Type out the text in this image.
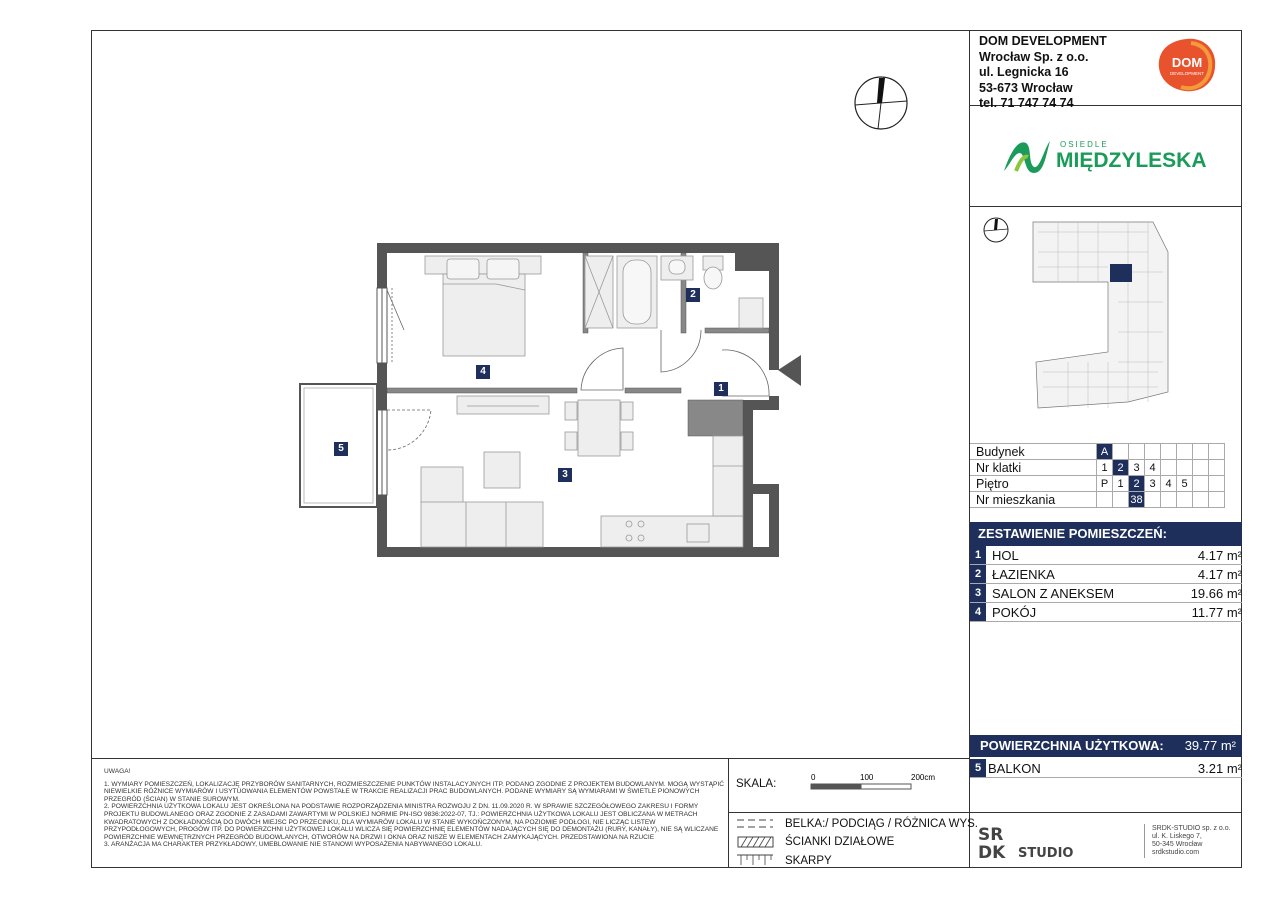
1
2
3
4
5
DOM DEVELOPMENT
Wrocław Sp. z o.o.
ul. Legnicka 16
53-673 Wrocław
tel. 71 747 74 74
DOM
DEVELOPMENT
OSIEDLE
MIĘDZYLESKA
Budynek	A							
Nr klatki	1	2	3	4				
Piętro	P	1	2	3	4	5		
Nr mieszkania			38					
ZESTAWIENIE POMIESZCZEŃ:
1 HOL	4.17 m²
2 ŁAZIENKA	4.17 m²
3 SALON Z ANEKSEM	19.66 m²
4 POKÓJ	11.77 m²
POWIERZCHNIA UŻYTKOWA: 39.77 m²
5 BALKON	3.21 m²

UWAGA!

1. WYMIARY POMIESZCZEŃ, LOKALIZACJĘ PRZYBORÓW SANITARNYCH, ROZMIESZCZENIE PUNKTÓW INSTALACYJNYCH ITP. PODANO ZGODNIE Z PROJEKTEM BUDOWLANYM. MOGĄ WYSTĄPIĆ NIEWIELKIE RÓŻNICE WYMIARÓW I USYTUOWANIA ELEMENTÓW POWSTAŁE W TRAKCIE REALIZACJI PRAC BUDOWLANYCH. PODANE WYMIARY SĄ WYMIARAMI W ŚWIETLE PIONOWYCH PRZEGRÓD (ŚCIAN) W STANIE SUROWYM.

2. POWIERZCHNIA UŻYTKOWA LOKALU JEST OKREŚLONA NA PODSTAWIE ROZPORZĄDZENIA MINISTRA ROZWOJU Z DN. 11.09.2020 R. W SPRAWIE SZCZEGÓŁOWEGO ZAKRESU I FORMY PROJEKTU BUDOWLANEGO ORAZ ZGODNIE Z ZASADAMI ZAWARTYMI W POLSKIEJ NORMIE PN-ISO 9836:2022-07, TJ.: POWIERZCHNIA UŻYTKOWA LOKALU JEST OBLICZANA W METRACH KWADRATOWYCH Z DOKŁADNOŚCIĄ DO DWÓCH MIEJSC PO PRZECINKU, DLA WYMIARÓW LOKALU W STANIE WYKOŃCZONYM, NA POZIOMIE PODŁOGI, NIE LICZĄC LISTEW PRZYPODŁOGOWYCH, PROGÓW ITP. DO POWIERZCHNI UŻYTKOWEJ LOKALU WLICZA SIĘ POWIERZCHNIĘ ELEMENTÓW NADAJĄCYCH SIĘ DO DEMONTAŻU (RURY, KANAŁY), NIE SĄ WLICZANE POWIERZCHNIE WEWNĘTRZNYCH PRZEGRÓD BUDOWLANYCH, OTWORÓW NA DRZWI I OKNA ORAZ NISZE W ELEMENTACH ZAMYKAJĄCYCH. PRZEDSTAWIONA NA RZUCIE

3. ARANŻACJA MA CHARAKTER PRZYKŁADOWY, UMEBLOWANIE NIE STANOWI WYPOSAŻENIA NABYWANEGO LOKALU.

SKALA:
0	100	200cm
BELKA:/ PODCIĄG / RÓŻNICA WYS.
ŚCIANKI DZIAŁOWE
SKARPY
SR
DK STUDIO
SRDK-STUDIO sp. z o.o.
ul. K. Liskego 7,
50-345 Wrocław
srdkstudio.com
